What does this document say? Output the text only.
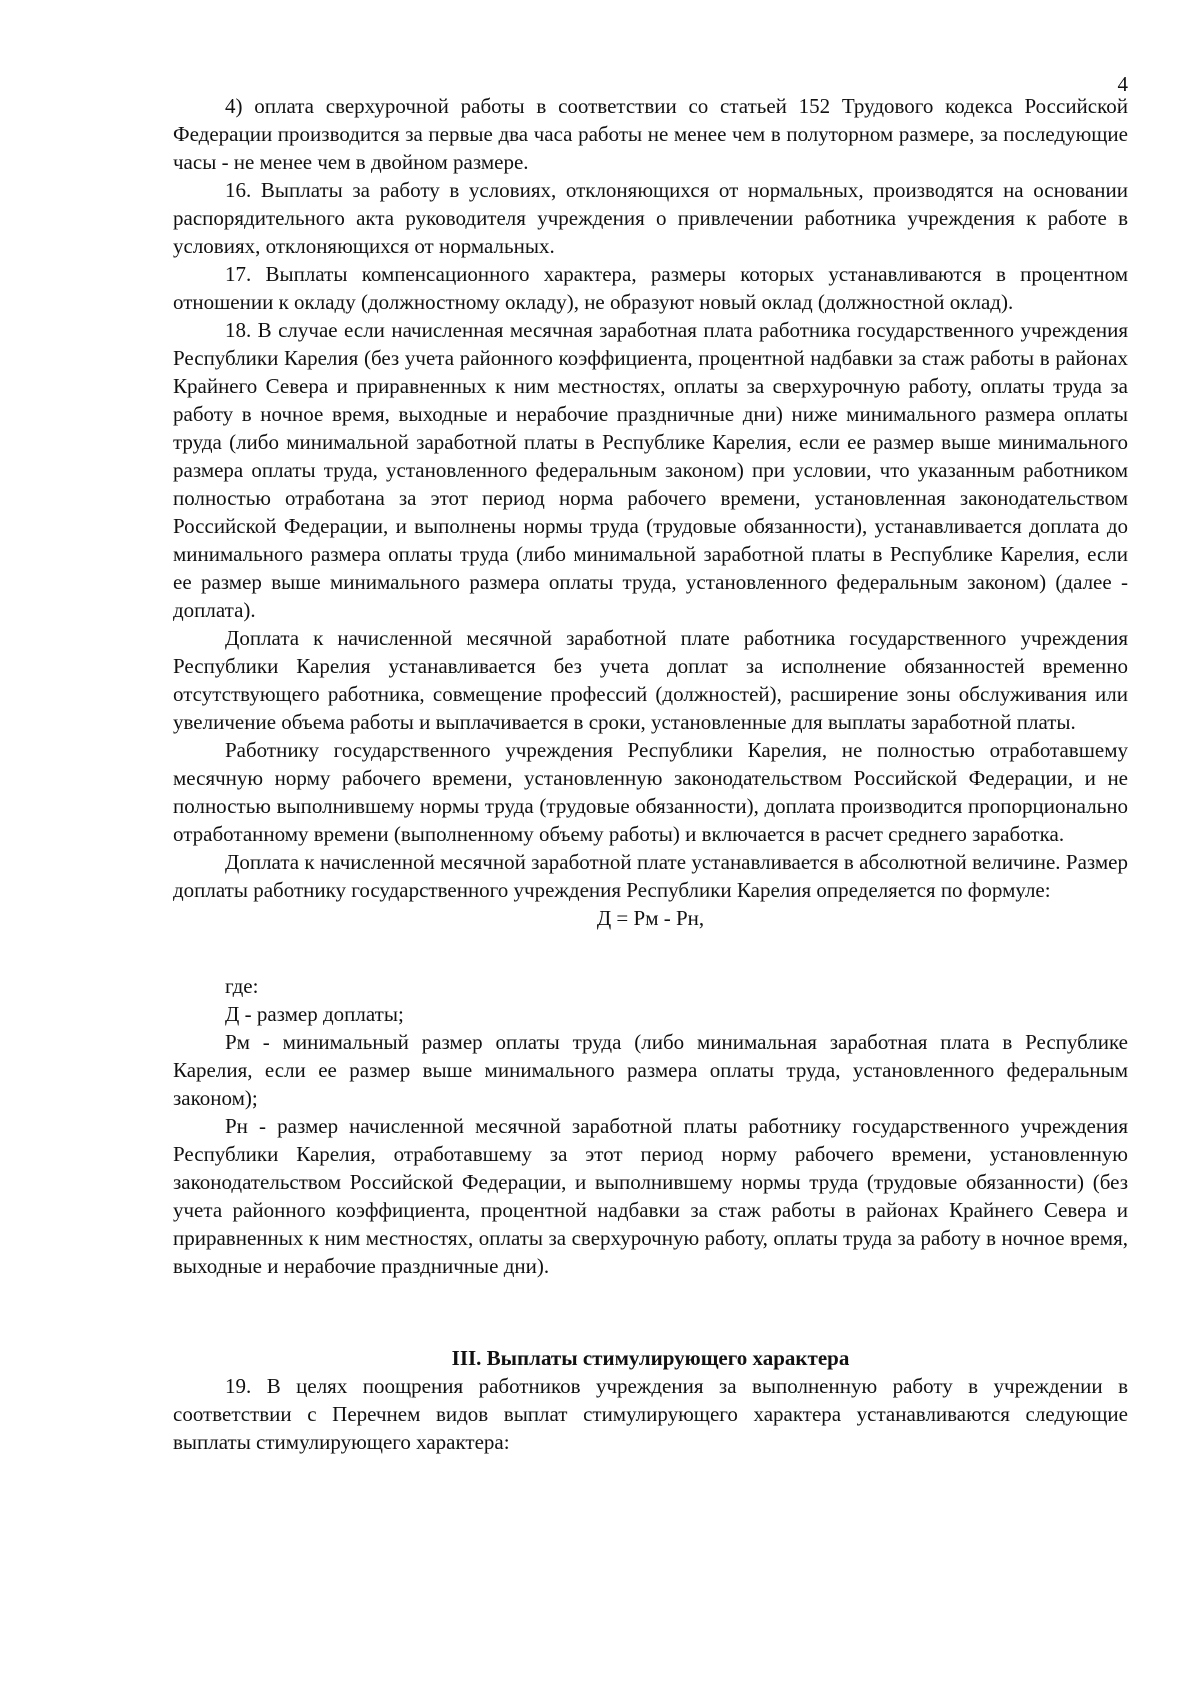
4

4) оплата сверхурочной работы в соответствии со статьей 152 Трудового кодекса Российской Федерации производится за первые два часа работы не менее чем в полуторном размере, за последующие часы - не менее чем в двойном размере.

16. Выплаты за работу в условиях, отклоняющихся от нормальных, производятся на основании распорядительного акта руководителя учреждения о привлечении работника учреждения к работе в условиях, отклоняющихся от нормальных.

17. Выплаты компенсационного характера, размеры которых устанавливаются в процентном отношении к окладу (должностному окладу), не образуют новый оклад (должностной оклад).

18. В случае если начисленная месячная заработная плата работника государственного учреждения Республики Карелия (без учета районного коэффициента, процентной надбавки за стаж работы в районах Крайнего Севера и приравненных к ним местностях, оплаты за сверхурочную работу, оплаты труда за работу в ночное время, выходные и нерабочие праздничные дни) ниже минимального размера оплаты труда (либо минимальной заработной платы в Республике Карелия, если ее размер выше минимального размера оплаты труда, установленного федеральным законом) при условии, что указанным работником полностью отработана за этот период норма рабочего времени, установленная законодательством Российской Федерации, и выполнены нормы труда (трудовые обязанности), устанавливается доплата до минимального размера оплаты труда (либо минимальной заработной платы в Республике Карелия, если ее размер выше минимального размера оплаты труда, установленного федеральным законом) (далее - доплата).

Доплата к начисленной месячной заработной плате работника государственного учреждения Республики Карелия устанавливается без учета доплат за исполнение обязанностей временно отсутствующего работника, совмещение профессий (должностей), расширение зоны обслуживания или увеличение объема работы и выплачивается в сроки, установленные для выплаты заработной платы.

Работнику государственного учреждения Республики Карелия, не полностью отработавшему месячную норму рабочего времени, установленную законодательством Российской Федерации, и не полностью выполнившему нормы труда (трудовые обязанности), доплата производится пропорционально отработанному времени (выполненному объему работы) и включается в расчет среднего заработка.

Доплата к начисленной месячной заработной плате устанавливается в абсолютной величине. Размер доплаты работнику государственного учреждения Республики Карелия определяется по формуле:

Д = Рм - Рн,

где:

Д - размер доплаты;

Рм - минимальный размер оплаты труда (либо минимальная заработная плата в Республике Карелия, если ее размер выше минимального размера оплаты труда, установленного федеральным законом);

Рн - размер начисленной месячной заработной платы работнику государственного учреждения Республики Карелия, отработавшему за этот период норму рабочего времени, установленную законодательством Российской Федерации, и выполнившему нормы труда (трудовые обязанности) (без учета районного коэффициента, процентной надбавки за стаж работы в районах Крайнего Севера и приравненных к ним местностях, оплаты за сверхурочную работу, оплаты труда за работу в ночное время, выходные и нерабочие праздничные дни).

III. Выплаты стимулирующего характера

19. В целях поощрения работников учреждения за выполненную работу в учреждении в соответствии с Перечнем видов выплат стимулирующего характера устанавливаются следующие выплаты стимулирующего характера:
